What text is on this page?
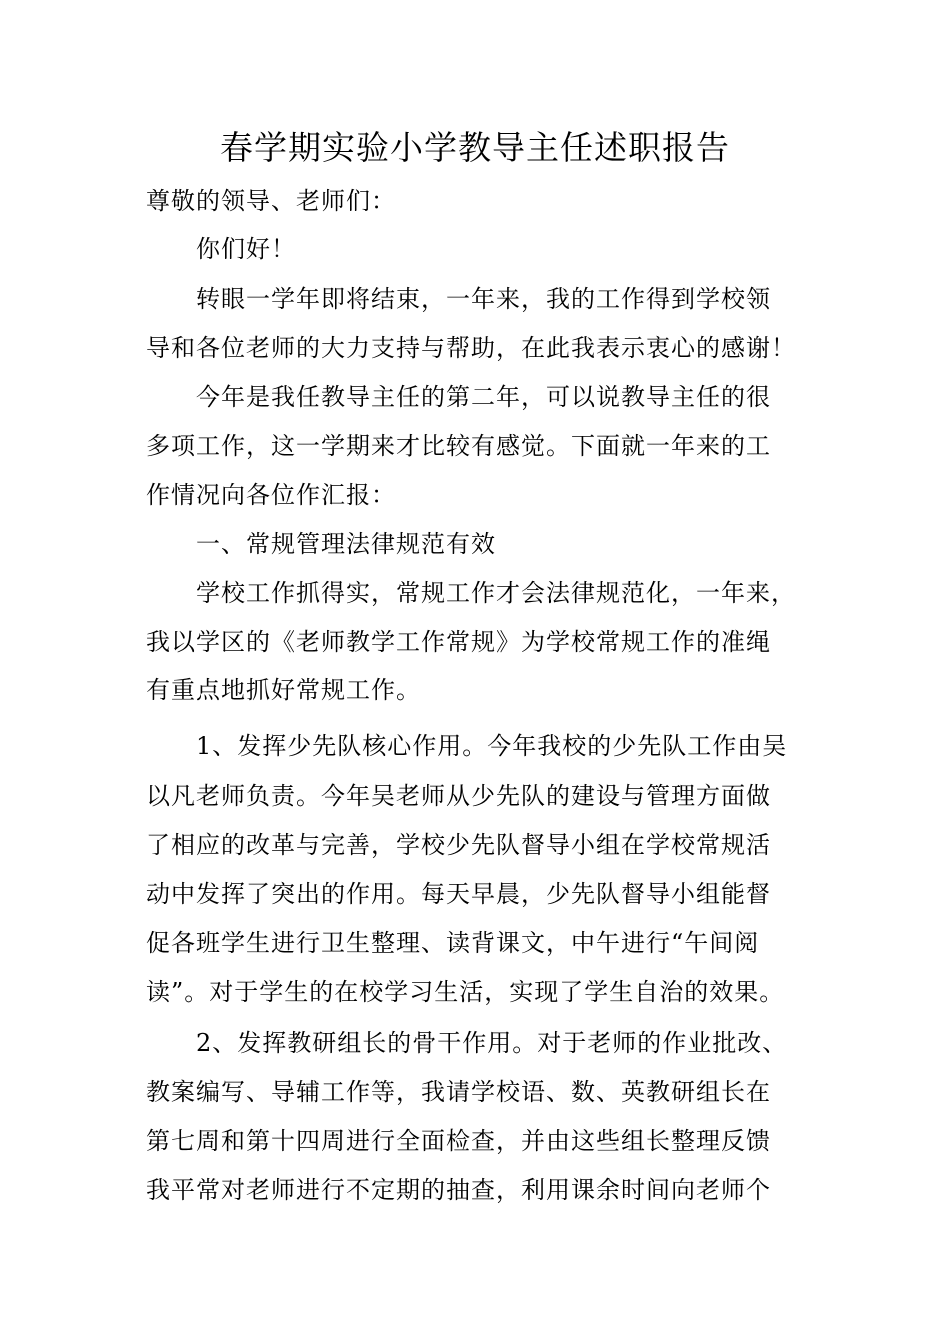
春学期实验小学教导主任述职报告
尊敬的领导、老师们：
你们好！
转眼一学年即将结束，一年来，我的工作得到学校领
导和各位老师的大力支持与帮助，在此我表示衷心的感谢！
今年是我任教导主任的第二年，可以说教导主任的很
多项工作，这一学期来才比较有感觉。下面就一年来的工
作情况向各位作汇报：
一、常规管理法律规范有效
学校工作抓得实，常规工作才会法律规范化，一年来，
我以学区的《老师教学工作常规》为学校常规工作的准绳
有重点地抓好常规工作。
1、发挥少先队核心作用。今年我校的少先队工作由吴
以凡老师负责。今年吴老师从少先队的建设与管理方面做
了相应的改革与完善，学校少先队督导小组在学校常规活
动中发挥了突出的作用。每天早晨，少先队督导小组能督
促各班学生进行卫生整理、读背课文，中午进行“午间阅
读”。对于学生的在校学习生活，实现了学生自治的效果。
2、发挥教研组长的骨干作用。对于老师的作业批改、
教案编写、导辅工作等，我请学校语、数、英教研组长在
第七周和第十四周进行全面检查，并由这些组长整理反馈
我平常对老师进行不定期的抽查，利用课余时间向老师个
